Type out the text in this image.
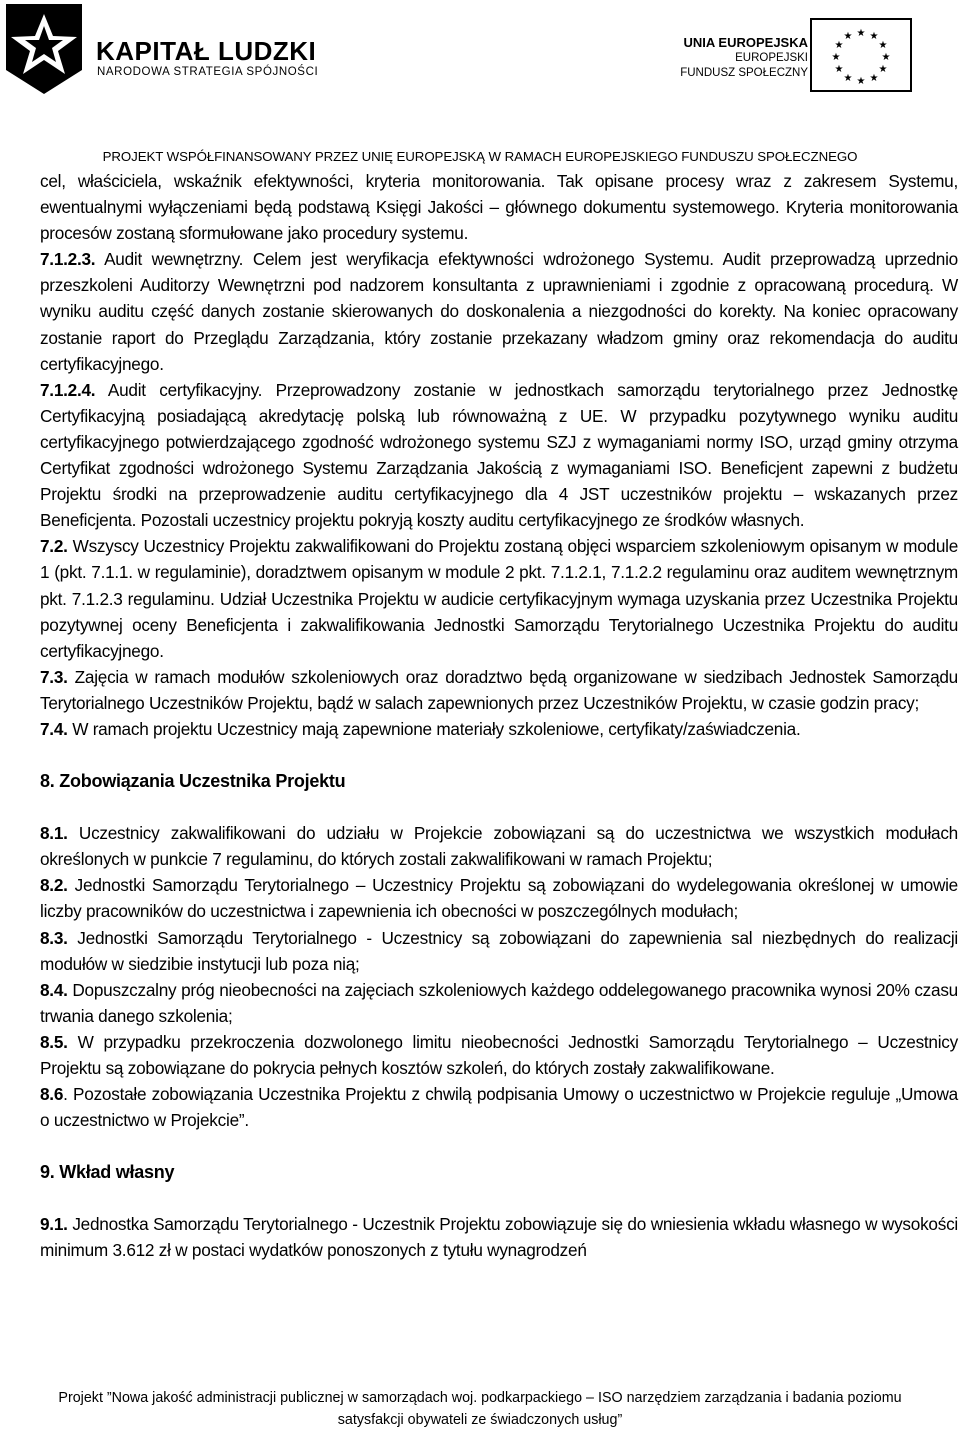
KAPITAŁ LUDZKI
NARODOWA STRATEGIA SPÓJNOŚCI
UNIA EUROPEJSKA
EUROPEJSKI
FUNDUSZ SPOŁECZNY
★ ★
★
★
★
★
★
★
★
★
★
★
PROJEKT WSPÓŁFINANSOWANY PRZEZ UNIĘ EUROPEJSKĄ W RAMACH EUROPEJSKIEGO FUNDUSZU SPOŁECZNEGO

cel, właściciela, wskaźnik efektywności, kryteria monitorowania. Tak opisane procesy wraz z zakresem Systemu, ewentualnymi wyłączeniami będą podstawą Księgi Jakości – głównego dokumentu systemowego. Kryteria monitorowania procesów zostaną sformułowane jako procedury systemu.

7.1.2.3. Audit wewnętrzny. Celem jest weryfikacja efektywności wdrożonego Systemu. Audit przeprowadzą uprzednio przeszkoleni Auditorzy Wewnętrzni pod nadzorem konsultanta z uprawnieniami i zgodnie z opracowaną procedurą. W wyniku auditu część danych zostanie skierowanych do doskonalenia a niezgodności do korekty. Na koniec opracowany zostanie raport do Przeglądu Zarządzania, który zostanie przekazany władzom gminy oraz rekomendacja do auditu certyfikacyjnego.

7.1.2.4. Audit certyfikacyjny. Przeprowadzony zostanie w jednostkach samorządu terytorialnego przez Jednostkę Certyfikacyjną posiadającą akredytację polską lub równoważną z UE. W przypadku pozytywnego wyniku auditu certyfikacyjnego potwierdzającego zgodność wdrożonego systemu SZJ z wymaganiami normy ISO, urząd gminy otrzyma Certyfikat zgodności wdrożonego Systemu Zarządzania Jakością z wymaganiami ISO. Beneficjent zapewni z budżetu Projektu środki na przeprowadzenie auditu certyfikacyjnego dla 4 JST uczestników projektu – wskazanych przez Beneficjenta. Pozostali uczestnicy projektu pokryją koszty auditu certyfikacyjnego ze środków własnych.

7.2. Wszyscy Uczestnicy Projektu zakwalifikowani do Projektu zostaną objęci wsparciem szkoleniowym opisanym w module 1 (pkt. 7.1.1. w regulaminie), doradztwem opisanym w module 2 pkt. 7.1.2.1, 7.1.2.2 regulaminu oraz auditem wewnętrznym pkt. 7.1.2.3 regulaminu. Udział Uczestnika Projektu w audicie certyfikacyjnym wymaga uzyskania przez Uczestnika Projektu pozytywnej oceny Beneficjenta i zakwalifikowania Jednostki Samorządu Terytorialnego Uczestnika Projektu do auditu certyfikacyjnego.

7.3. Zajęcia w ramach modułów szkoleniowych oraz doradztwo będą organizowane w siedzibach Jednostek Samorządu Terytorialnego Uczestników Projektu, bądź w salach zapewnionych przez Uczestników Projektu, w czasie godzin pracy;

7.4. W ramach projektu Uczestnicy mają zapewnione materiały szkoleniowe, certyfikaty/zaświadczenia.

8. Zobowiązania Uczestnika Projektu

8.1. Uczestnicy zakwalifikowani do udziału w Projekcie zobowiązani są do uczestnictwa we wszystkich modułach określonych w punkcie 7 regulaminu, do których zostali zakwalifikowani w ramach Projektu;

8.2. Jednostki Samorządu Terytorialnego – Uczestnicy Projektu są zobowiązani do wydelegowania określonej w umowie liczby pracowników do uczestnictwa i zapewnienia ich obecności w poszczególnych modułach;

8.3. Jednostki Samorządu Terytorialnego - Uczestnicy są zobowiązani do zapewnienia sal niezbędnych do realizacji modułów w siedzibie instytucji lub poza nią;

8.4. Dopuszczalny próg nieobecności na zajęciach szkoleniowych każdego oddelegowanego pracownika wynosi 20% czasu trwania danego szkolenia;

8.5. W przypadku przekroczenia dozwolonego limitu nieobecności Jednostki Samorządu Terytorialnego – Uczestnicy Projektu są zobowiązane do pokrycia pełnych kosztów szkoleń, do których zostały zakwalifikowane.

8.6. Pozostałe zobowiązania Uczestnika Projektu z chwilą podpisania Umowy o uczestnictwo w Projekcie reguluje „Umowa o uczestnictwo w Projekcie”.

9. Wkład własny

9.1. Jednostka Samorządu Terytorialnego - Uczestnik Projektu zobowiązuje się do wniesienia wkładu własnego w wysokości minimum 3.612 zł w postaci wydatków ponoszonych z tytułu wynagrodzeń

Projekt ”Nowa jakość administracji publicznej w samorządach woj. podkarpackiego – ISO narzędziem zarządzania i badania poziomu
satysfakcji obywateli ze świadczonych usług”
